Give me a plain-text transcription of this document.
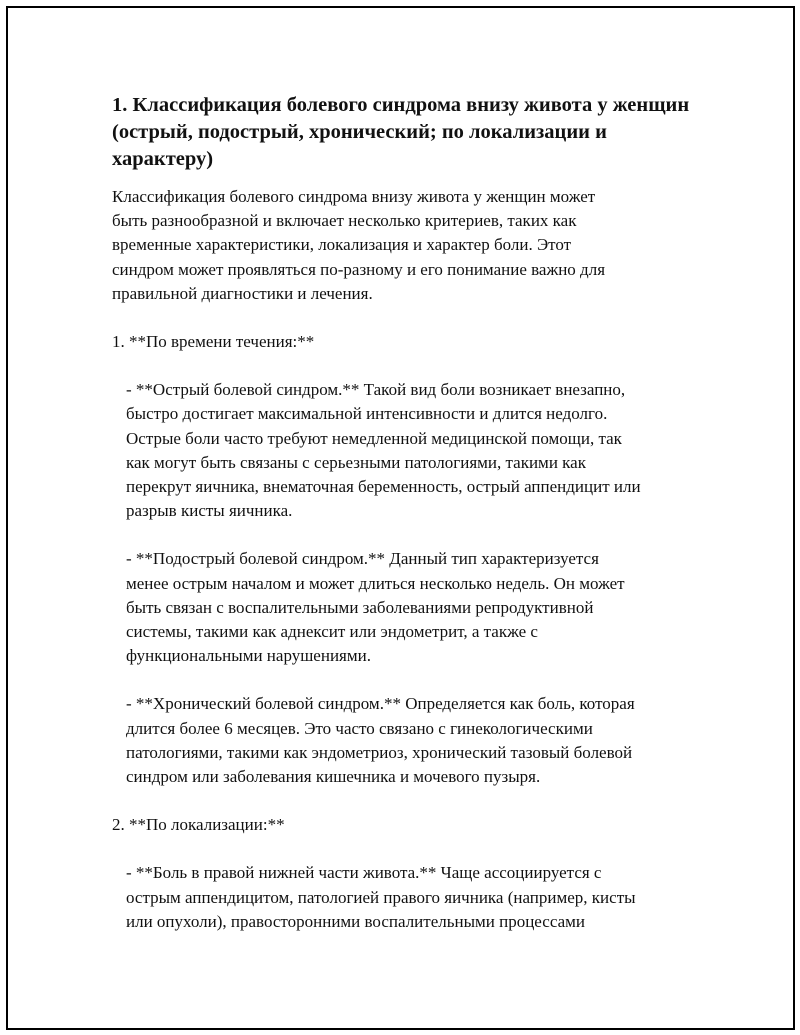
1. Классификация болевого синдрома внизу живота у женщин (острый, подострый, хронический; по локализации и характеру)

Классификация болевого синдрома внизу живота у женщин может
быть разнообразной и включает несколько критериев, таких как
временные характеристики, локализация и характер боли. Этот
синдром может проявляться по-разному и его понимание важно для
правильной диагностики и лечения.

1. **По времени течения:**

- **Острый болевой синдром.** Такой вид боли возникает внезапно,
быстро достигает максимальной интенсивности и длится недолго.
Острые боли часто требуют немедленной медицинской помощи, так
как могут быть связаны с серьезными патологиями, такими как
перекрут яичника, внематочная беременность, острый аппендицит или
разрыв кисты яичника.

- **Подострый болевой синдром.** Данный тип характеризуется
менее острым началом и может длиться несколько недель. Он может
быть связан с воспалительными заболеваниями репродуктивной
системы, такими как аднексит или эндометрит, а также с
функциональными нарушениями.

- **Хронический болевой синдром.** Определяется как боль, которая
длится более 6 месяцев. Это часто связано с гинекологическими
патологиями, такими как эндометриоз, хронический тазовый болевой
синдром или заболевания кишечника и мочевого пузыря.

2. **По локализации:**

- **Боль в правой нижней части живота.** Чаще ассоциируется с
острым аппендицитом, патологией правого яичника (например, кисты
или опухоли), правосторонними воспалительными процессами
